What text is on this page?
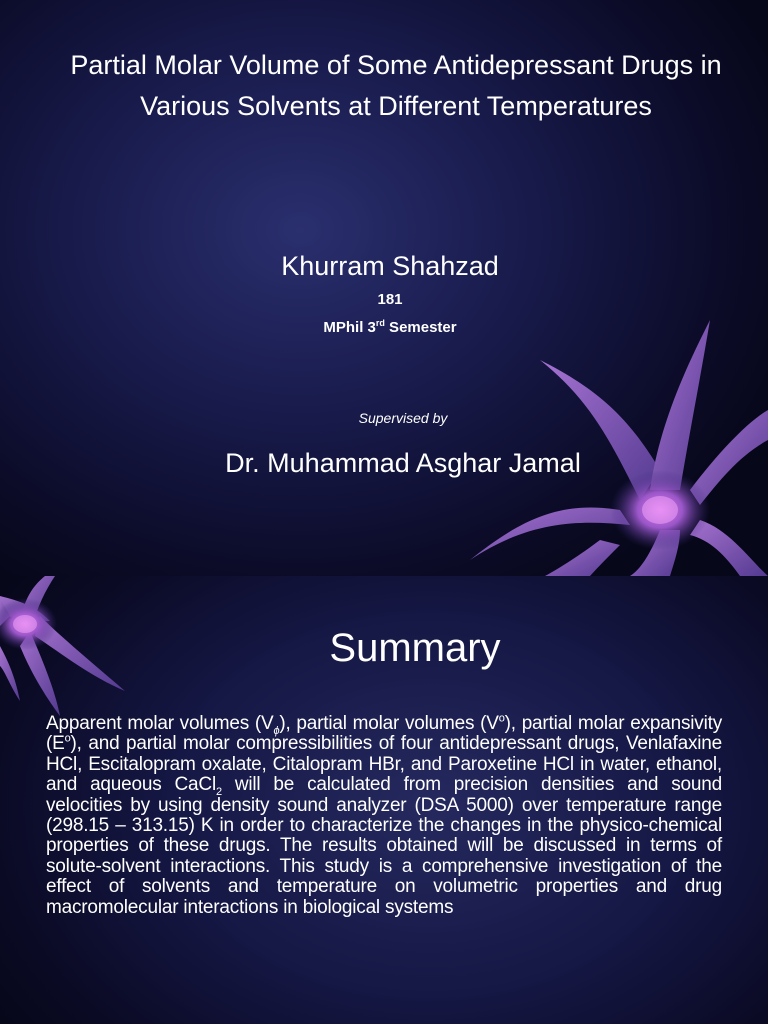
Partial Molar Volume of Some Antidepressant Drugs in Various Solvents at Different Temperatures
Khurram Shahzad
181
MPhil 3rd Semester
Supervised by
Dr. Muhammad Asghar Jamal
Summary

Apparent molar volumes $(V_\phi)$, partial molar volumes $(V^o)$, partial molar expansivity $(E^o)$, and partial molar compressibilities of four antidepressant drugs, Venlafaxine HCl, Escitalopram oxalate, Citalopram HBr, and Paroxetine HCl in water, ethanol, and aqueous CaCl$_2$ will be calculated from precision densities and sound velocities by using density sound analyzer (DSA 5000) over temperature range (298.15 – 313.15) K in order to characterize the changes in the physico-chemical properties of these drugs. The results obtained will be discussed in terms of solute-solvent interactions. This study is a comprehensive investigation of the effect of solvents and temperature on volumetric properties and drug macromolecular interactions in biological systems
